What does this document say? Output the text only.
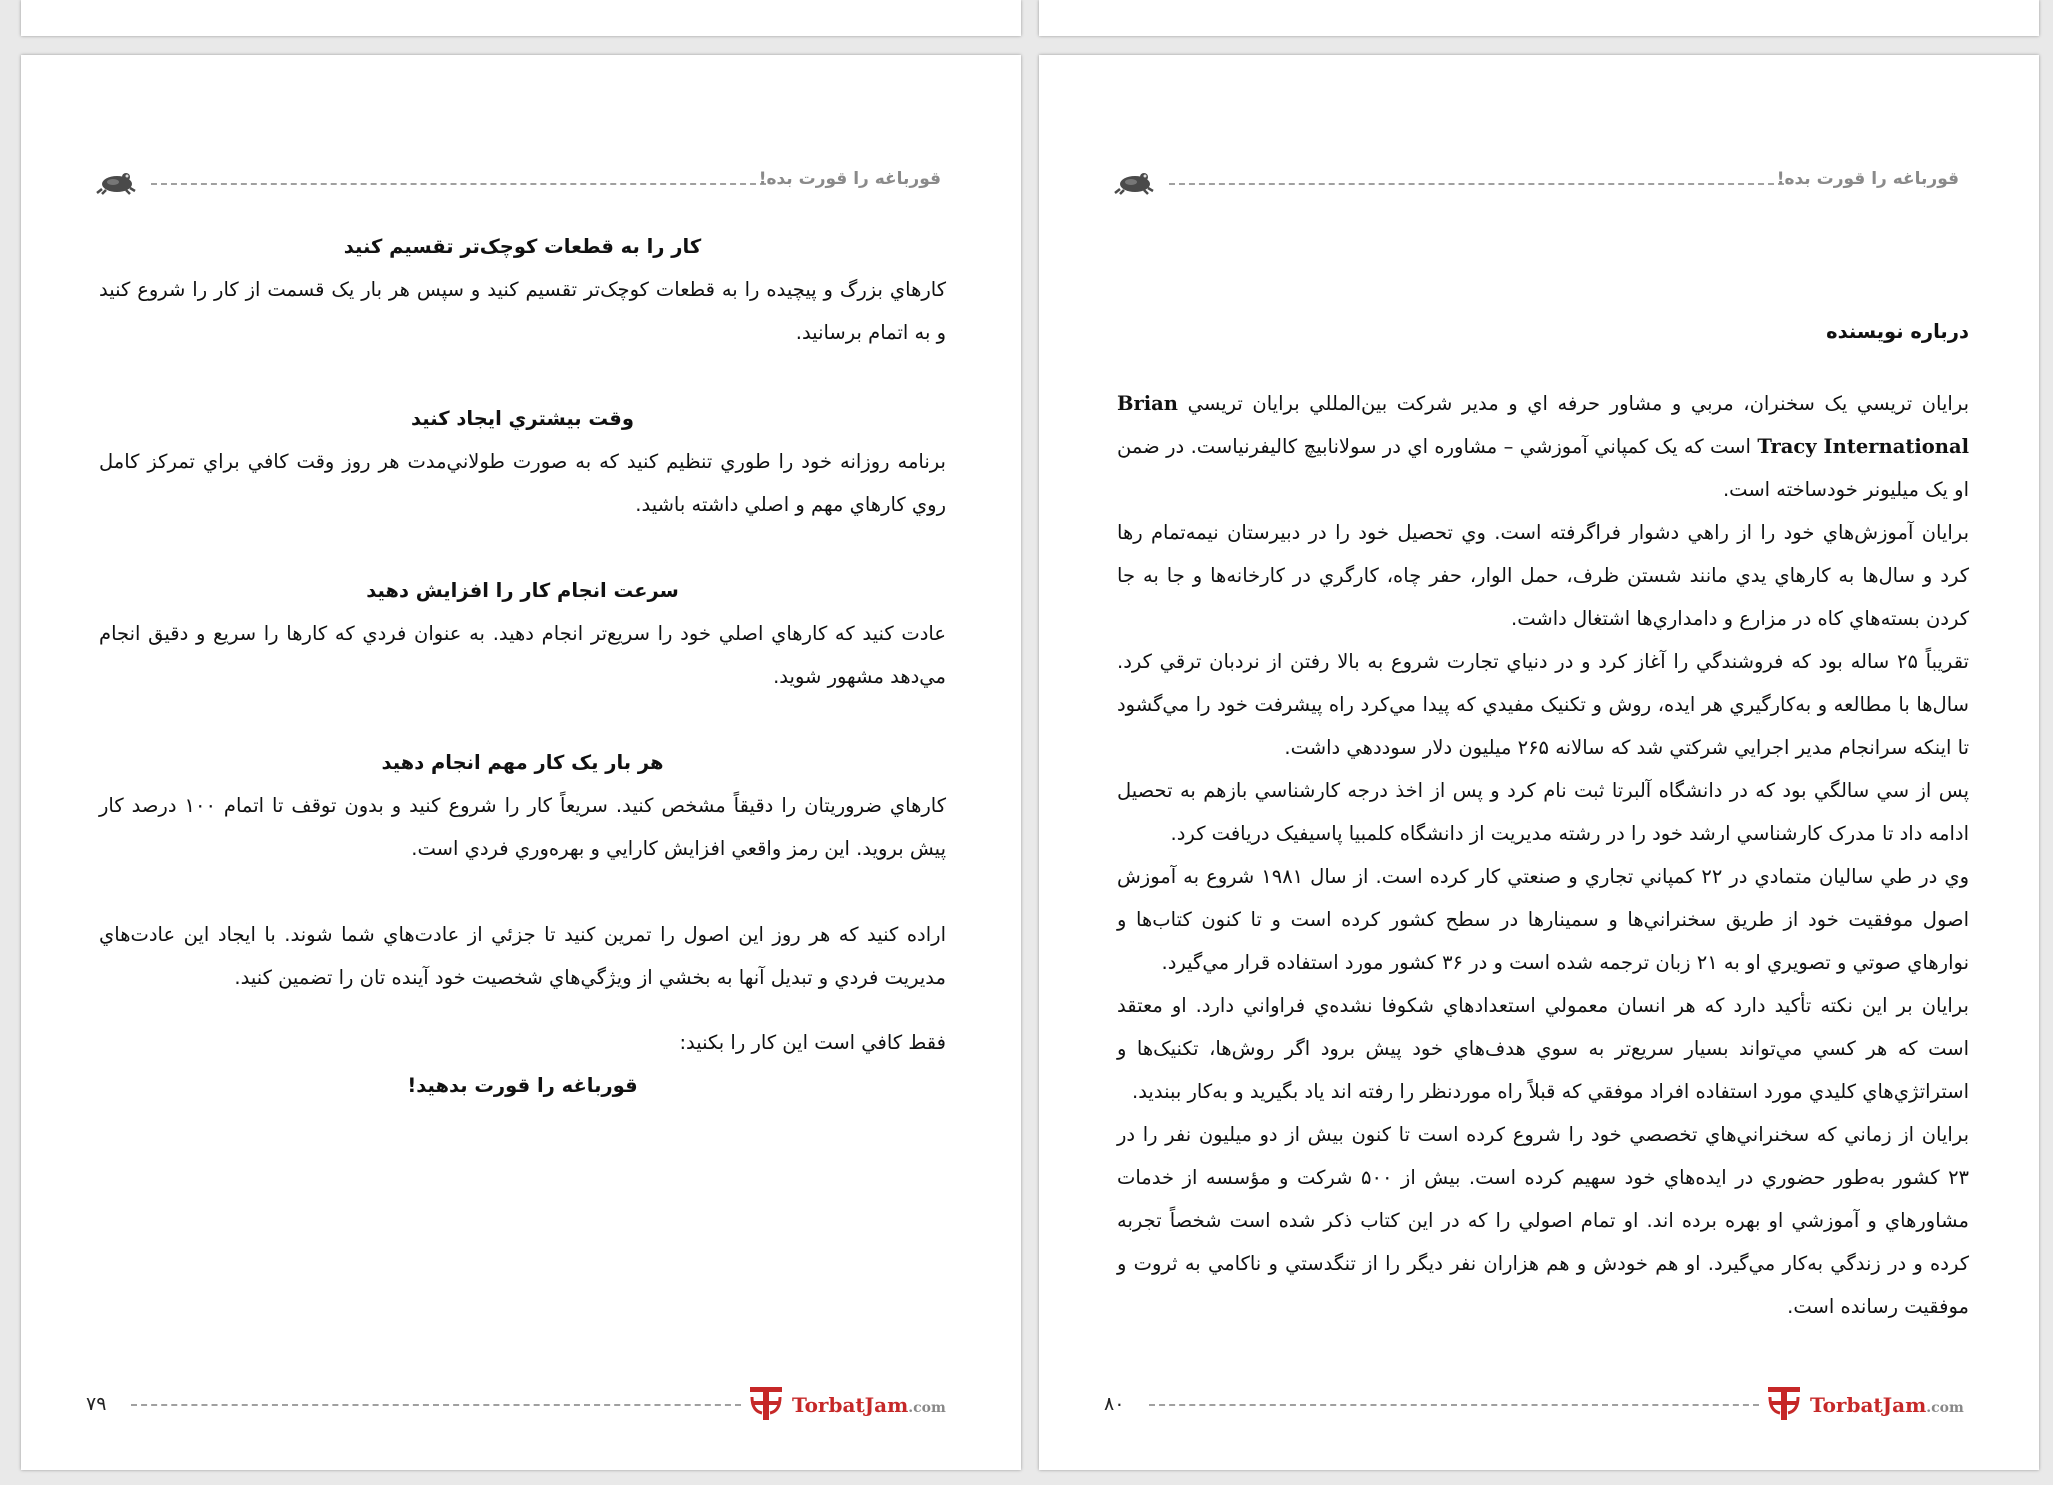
قورباغه را قورت بده!

كار را به قطعات کوچک‌تر تقسيم کنيد

کارهاي بزرگ و پيچيده را به قطعات کوچک‌تر تقسيم کنيد و سپس هر بار يک قسمت از کار را شروع کنيد و به اتمام برسانيد.

وقت بيشتري ايجاد کنيد

برنامه روزانه خود را طوري تنظيم کنيد که به صورت طولاني‌مدت هر روز وقت کافي براي تمرکز کامل روي کارهاي مهم و اصلي داشته باشيد.

سرعت انجام کار را افزايش دهيد

عادت کنيد که کارهاي اصلي خود را سريع‌تر انجام دهيد. به عنوان فردي که کارها را سريع و دقيق انجام مي‌دهد مشهور شويد.

هر بار يک کار مهم انجام دهيد

کارهاي ضروريتان را دقيقاً مشخص کنيد. سريعاً کار را شروع کنيد و بدون توقف تا اتمام ۱۰۰ درصد کار پيش برويد. اين رمز واقعي افزايش کارايي و بهره‌وري فردي است.

اراده کنيد که هر روز اين اصول را تمرين کنيد تا جزئي از عادت‌هاي شما شوند. با ايجاد اين عادت‌هاي مديريت فردي و تبديل آنها به بخشي از ويژگي‌هاي شخصيت خود آينده تان را تضمين کنيد.

فقط کافي است اين کار را بکنيد:

قورباغه را قورت بدهيد!

۷۹	TorbatJam.com
قورباغه را قورت بده!

درباره نويسنده

برايان تريسي يک سخنران، مربي و مشاور حرفه اي و مدير شرکت بين‌المللي برايان تريسي Brian Tracy International است که يک کمپاني آموزشي – مشاوره اي در سولانابيچ کاليفرنياست. در ضمن او يک ميليونر خودساخته است.

برايان آموزش‌هاي خود را از راهي دشوار فراگرفته است. وي تحصيل خود را در دبيرستان نيمه‌تمام رها کرد و سال‌ها به کارهاي يدي مانند شستن ظرف، حمل الوار، حفر چاه، کارگري در کارخانه‌ها و جا به جا کردن بسته‌هاي کاه در مزارع و دامداري‌ها اشتغال داشت.

تقريباً ۲۵ ساله بود که فروشندگي را آغاز کرد و در دنياي تجارت شروع به بالا رفتن از نردبان ترقي کرد. سال‌ها با مطالعه و به‌کارگيري هر ايده، روش و تکنيک مفيدي که پيدا مي‌کرد راه پيشرفت خود را مي‌گشود تا اينکه سرانجام مدير اجرايي شرکتي شد که سالانه ۲۶۵ ميليون دلار سوددهي داشت.

پس از سي سالگي بود که در دانشگاه آلبرتا ثبت نام کرد و پس از اخذ درجه کارشناسي بازهم به تحصيل ادامه داد تا مدرک کارشناسي ارشد خود را در رشته مديريت از دانشگاه کلمبيا پاسيفيک دريافت کرد.

وي در طي ساليان متمادي در ۲۲ کمپاني تجاري و صنعتي کار کرده است. از سال ۱۹۸۱ شروع به آموزش اصول موفقيت خود از طريق سخنراني‌ها و سمينارها در سطح کشور کرده است و تا کنون کتاب‌ها و نوارهاي صوتي و تصويري او به ۲۱ زبان ترجمه شده است و در ۳۶ کشور مورد استفاده قرار مي‌گيرد.

برايان بر اين نکته تأکيد دارد که هر انسان معمولي استعدادهاي شکوفا نشده‌ي فراواني دارد. او معتقد است که هر کسي مي‌تواند بسيار سريع‌تر به سوي هدف‌هاي خود پيش برود اگر روش‌ها، تکنيک‌ها و استراتژي‌هاي کليدي مورد استفاده افراد موفقي که قبلاً راه موردنظر را رفته اند ياد بگيريد و به‌کار ببنديد.

برايان از زماني که سخنراني‌هاي تخصصي خود را شروع کرده است تا کنون بيش از دو ميليون نفر را در ۲۳ کشور به‌طور حضوري در ايده‌هاي خود سهيم کرده است. بيش از ۵۰۰ شرکت و مؤسسه از خدمات مشاورهاي و آموزشي او بهره برده اند. او تمام اصولي را که در اين کتاب ذکر شده است شخصاً تجربه کرده و در زندگي به‌کار مي‌گيرد. او هم خودش و هم هزاران نفر ديگر را از تنگدستي و ناکامي به ثروت و موفقيت رسانده است.

۸۰	TorbatJam.com
